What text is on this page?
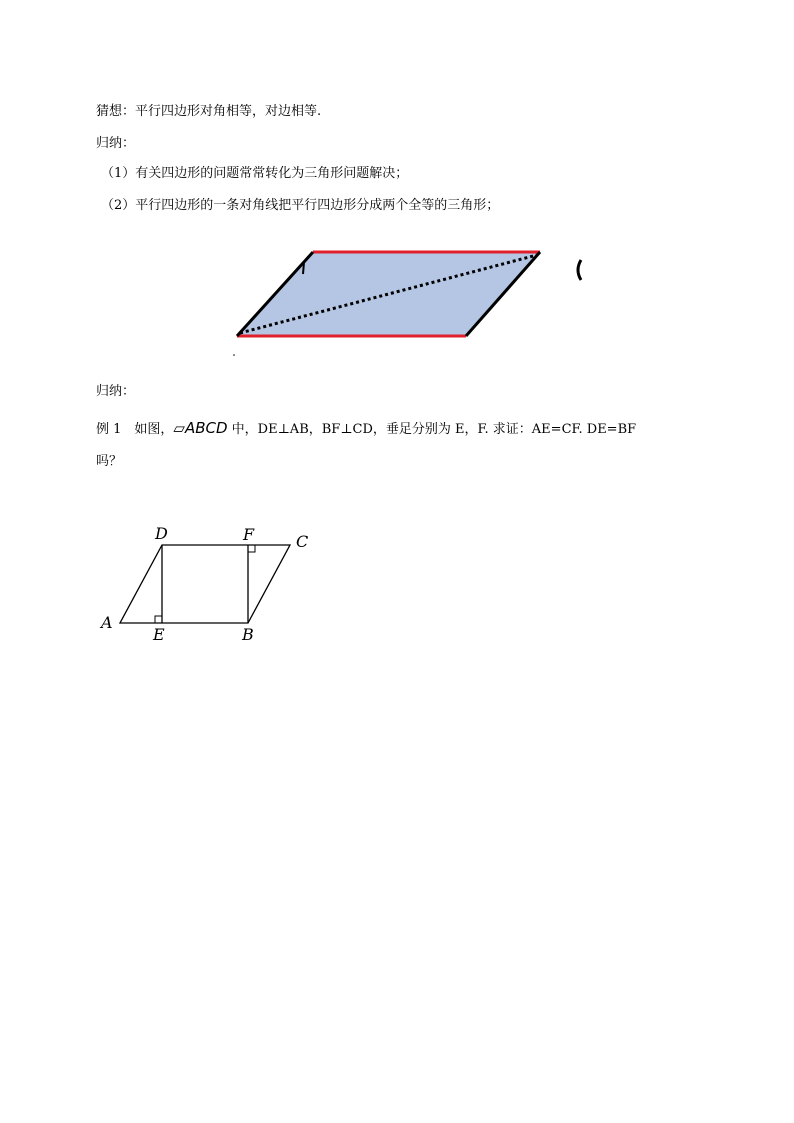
猜想：平行四边形对角相等，对边相等.
归纳：
（1）有关四边形的问题常常转化为三角形问题解决；
（2）平行四边形的一条对角线把平行四边形分成两个全等的三角形；
归纳：
例 1　如图，▱ABCD 中，DE⊥AB，BF⊥CD，垂足分别为 E，F. 求证：AE=CF. DE=BF
吗？
A
B
C
D
E
F
